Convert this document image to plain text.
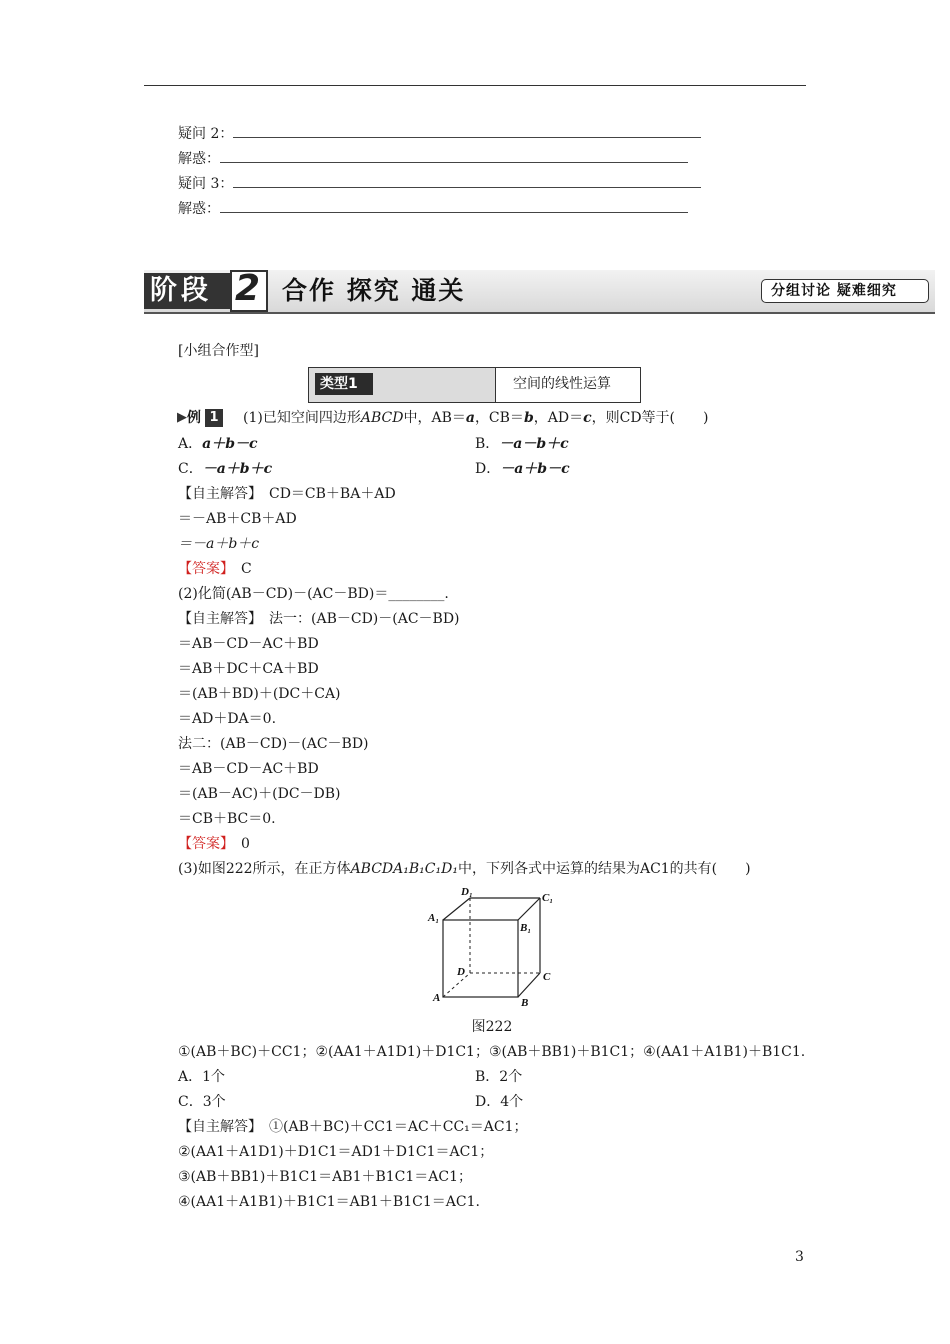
疑问 2：
解惑：
疑问 3：
解惑：
阶段 2 合作 探究 通关	分组讨论 疑难细究
[小组合作型]
类型1	空间的线性运算
▶ 例 1	(1)已知空间四边形ABCD中，AB＝a，CB＝b，AD＝c，则CD等于(　　)
A．a＋b－c	B．－a－b＋c
C．－a＋b＋c	D．－a＋b－c
【自主解答】　CD＝CB＋BA＋AD
＝－AB＋CB＋AD
＝－a＋b＋c
【答案】  C
(2)化简(AB－CD)－(AC－BD)＝________.
【自主解答】　法一：(AB－CD)－(AC－BD)
＝AB－CD－AC＋BD
＝AB＋DC＋CA＋BD
＝(AB＋BD)＋(DC＋CA)
＝AD＋DA＝0.
法二：(AB－CD)－(AC－BD)
＝AB－CD－AC＋BD
＝(AB－AC)＋(DC－DB)
＝CB＋BC＝0.
【答案】  0
(3)如图222所示，在正方体ABCDA₁B₁C₁D₁中，下列各式中运算的结果为AC1的共有(　　)
D₁	C₁
A₁
B₁
D	C
A	B
图222
①(AB＋BC)＋CC1；②(AA1＋A1D1)＋D1C1；③(AB＋BB1)＋B1C1；④(AA1＋A1B1)＋B1C1.
A．1个	B．2个
C．3个	D．4个
【自主解答】　①(AB＋BC)＋CC1＝AC＋CC₁＝AC1；
②(AA1＋A1D1)＋D1C1＝AD1＋D1C1＝AC1；
③(AB＋BB1)＋B1C1＝AB1＋B1C1＝AC1；
④(AA1＋A1B1)＋B1C1＝AB1＋B1C1＝AC1.
3
